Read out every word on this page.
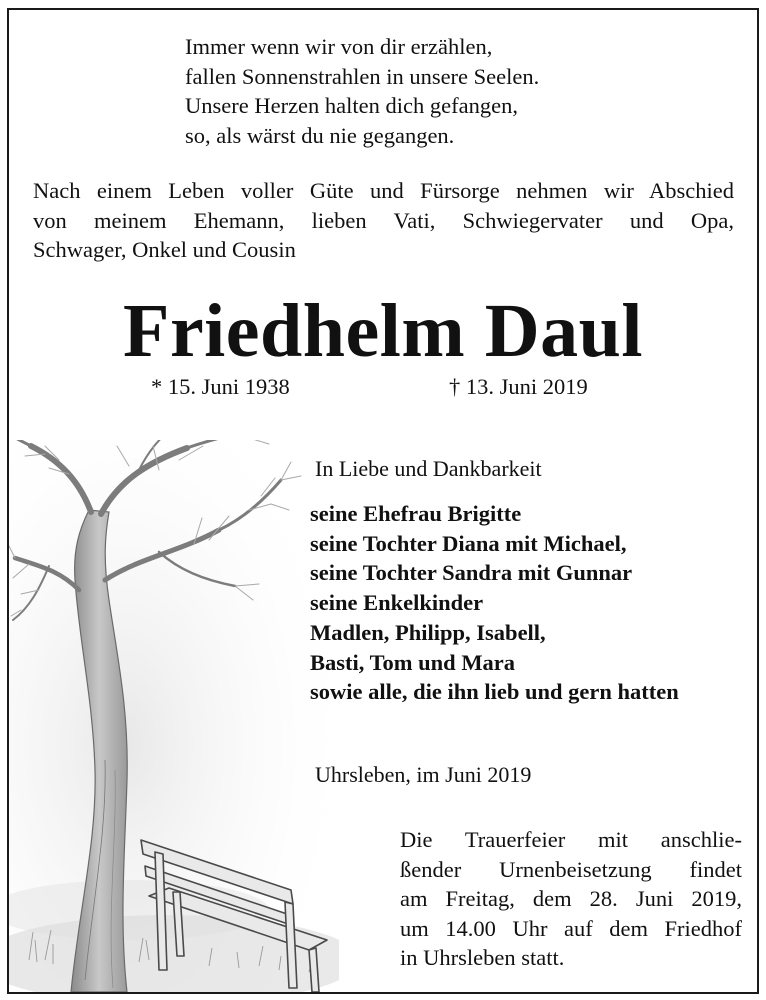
Immer wenn wir von dir erzählen,
fallen Sonnenstrahlen in unsere Seelen.
Unsere Herzen halten dich gefangen,
so, als wärst du nie gegangen.
Nach einem Leben voller Güte und Fürsorge nehmen wir Abschied
von meinem Ehemann, lieben Vati, Schwiegervater und Opa,
Schwager, Onkel und Cousin
Friedhelm Daul
* 15. Juni 1938	† 13. Juni 2019
In Liebe und Dankbarkeit
seine Ehefrau Brigitte
seine Tochter Diana mit Michael,
seine Tochter Sandra mit Gunnar
seine Enkelkinder
Madlen, Philipp, Isabell,
Basti, Tom und Mara
sowie alle, die ihn lieb und gern hatten
Uhrsleben, im Juni 2019
Die Trauerfeier mit anschlie-
ßender Urnenbeisetzung findet
am Freitag, dem 28. Juni 2019,
um 14.00 Uhr auf dem Friedhof
in Uhrsleben statt.
